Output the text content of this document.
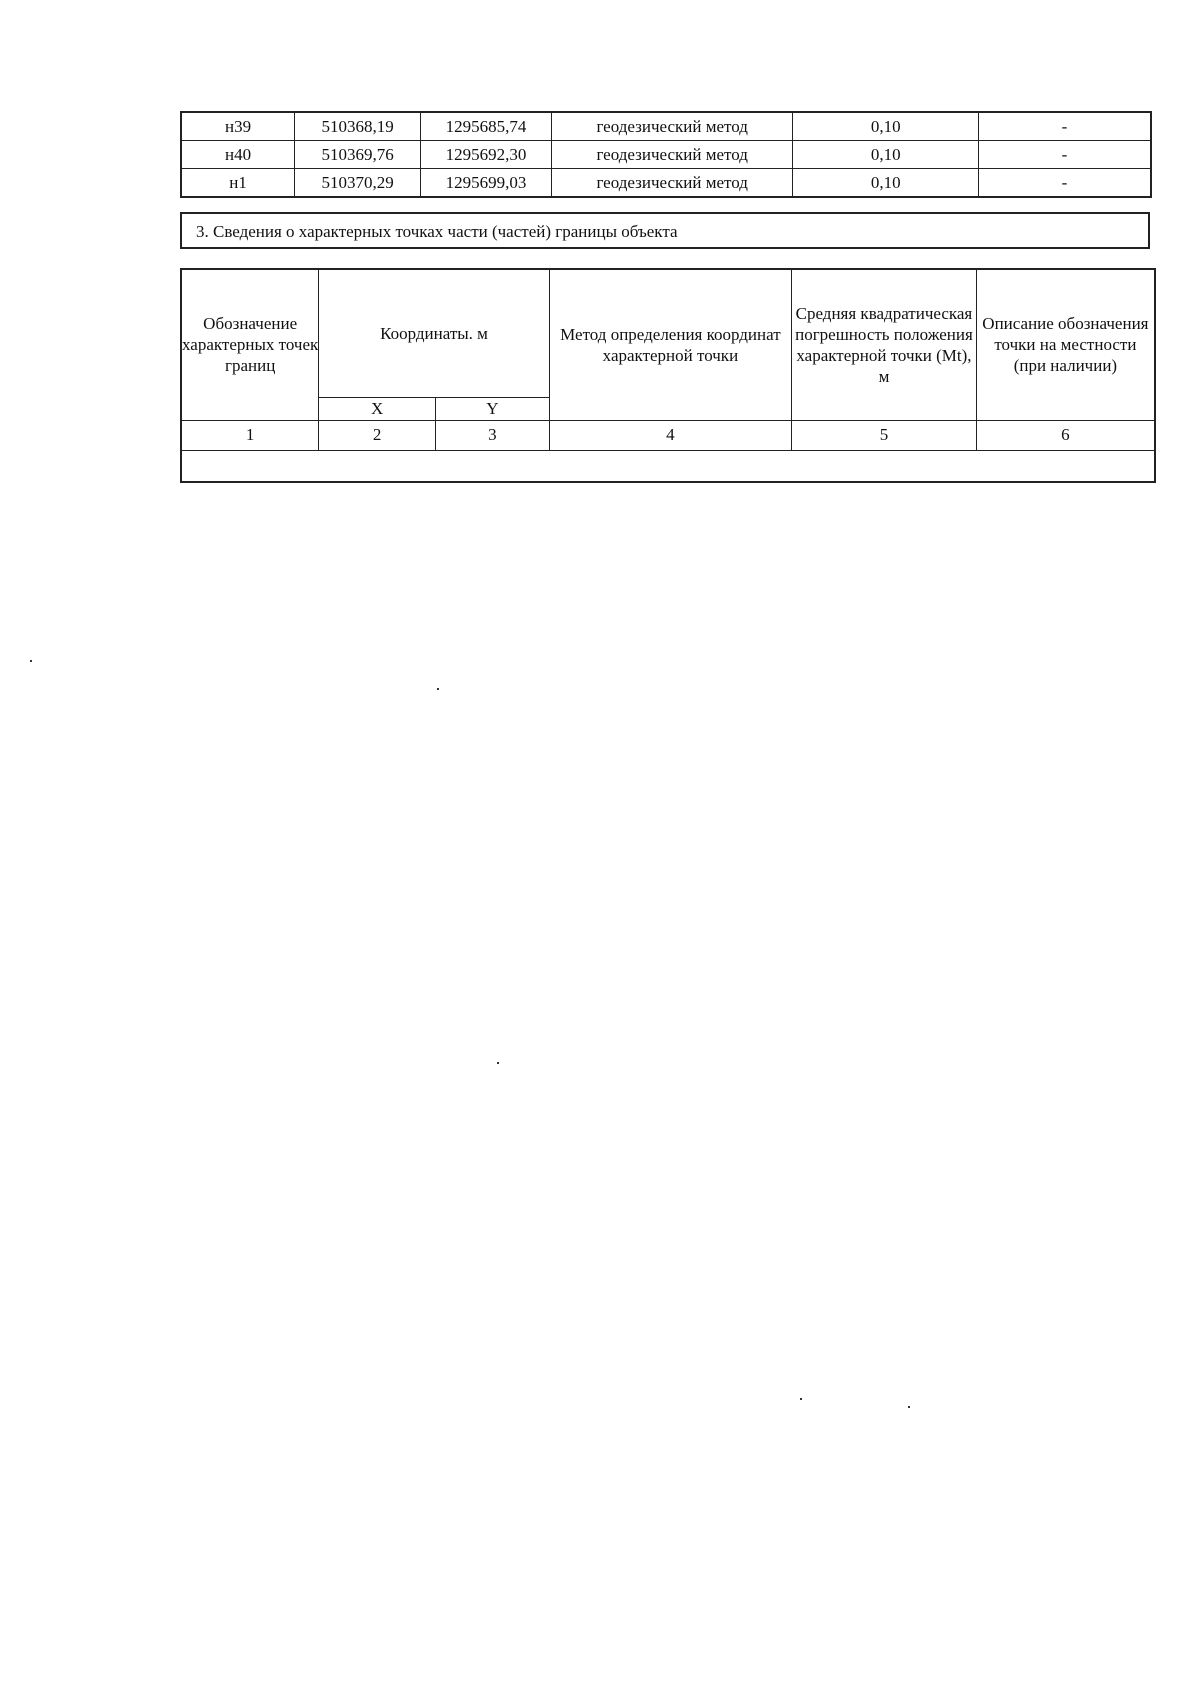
н39	510368,19	1295685,74	геодезический метод	0,10	-
н40	510369,76	1295692,30	геодезический метод	0,10	-
н1	510370,29	1295699,03	геодезический метод	0,10	-
3. Сведения о характерных точках части (частей) границы объекта
Обозначение характерных точек границ	Координаты. м		Метод определения координат характерной точки	Средняя квадратическая погрешность положения характерной точки (Mt), м	Описание обозначения точки на местности (при наличии)
	X	Y			
1	2	3	4	5	6
